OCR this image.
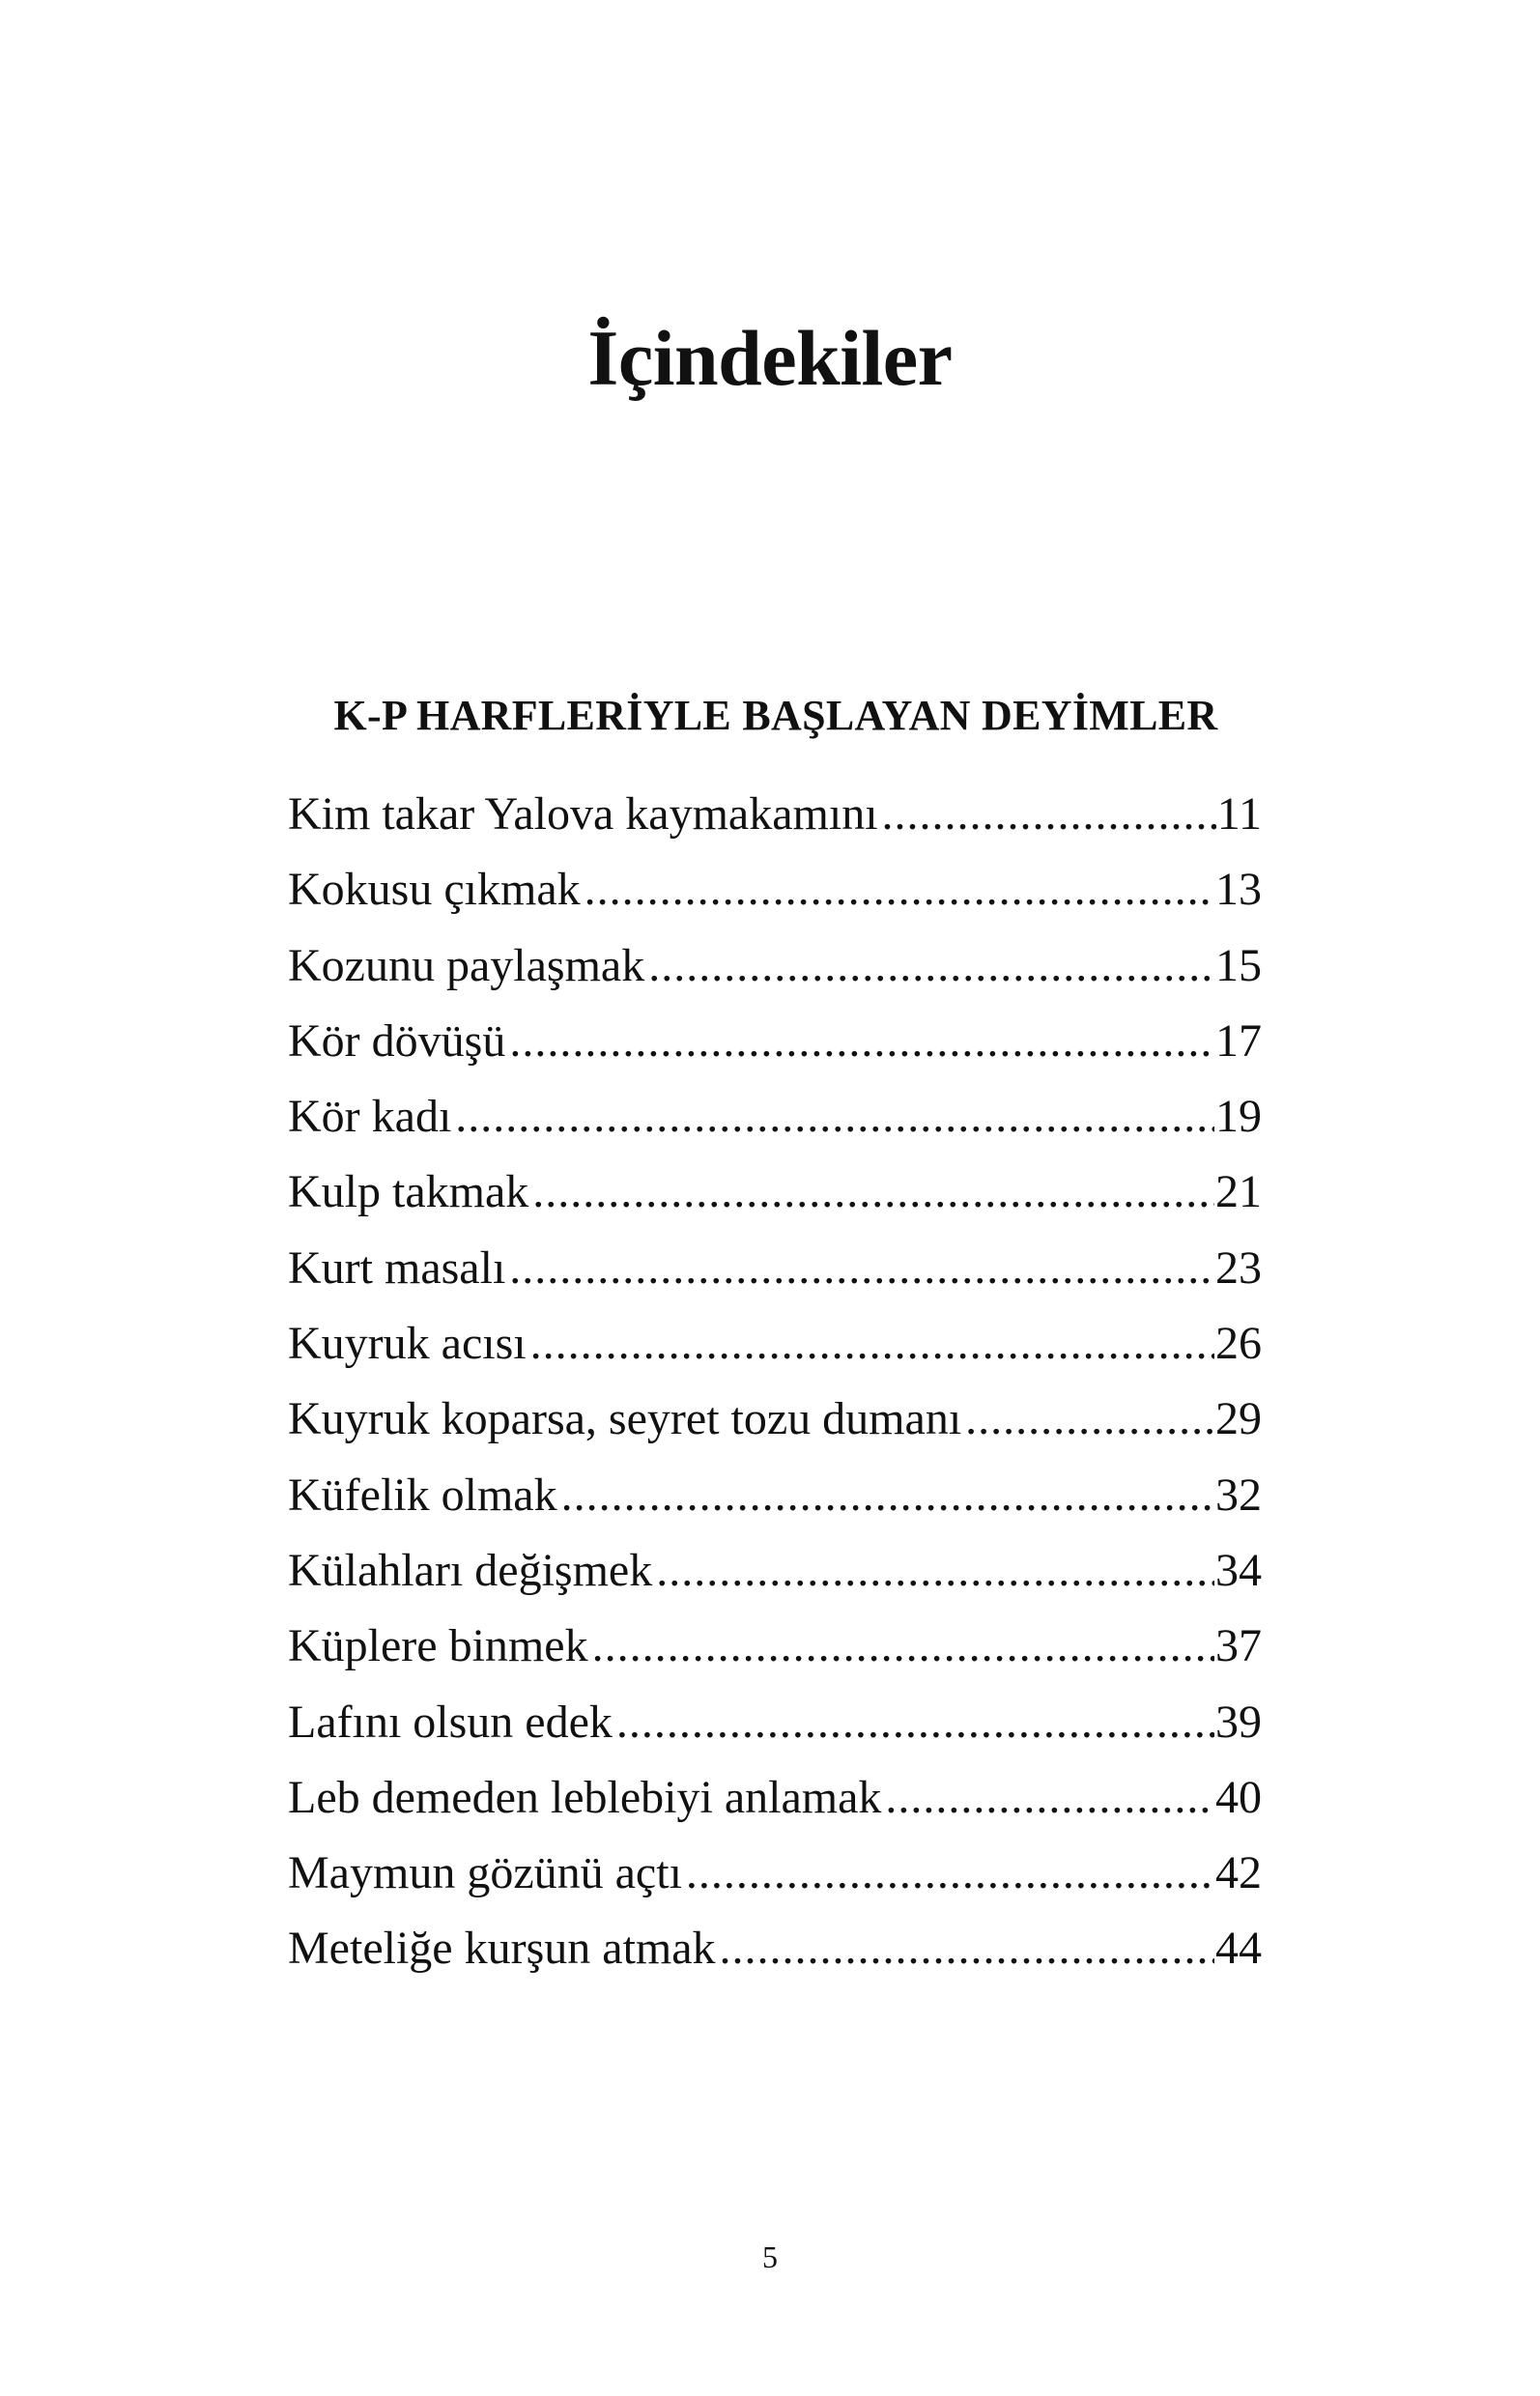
İçindekiler
K-P HARFLERİYLE BAŞLAYAN DEYİMLER
Kim takar Yalova kaymakamını .....	11
Kokusu çıkmak .....	13
Kozunu paylaşmak .....	15
Kör dövüşü .....	17
Kör kadı .....	19
Kulp takmak .....	21
Kurt masalı .....	23
Kuyruk acısı .....	26
Kuyruk koparsa, seyret tozu dumanı .....	29
Küfelik olmak .....	32
Külahları değişmek .....	34
Küplere binmek .....	37
Lafını olsun edek .....	39
Leb demeden leblebiyi anlamak .....	40
Maymun gözünü açtı .....	42
Meteliğe kurşun atmak .....	44
5
